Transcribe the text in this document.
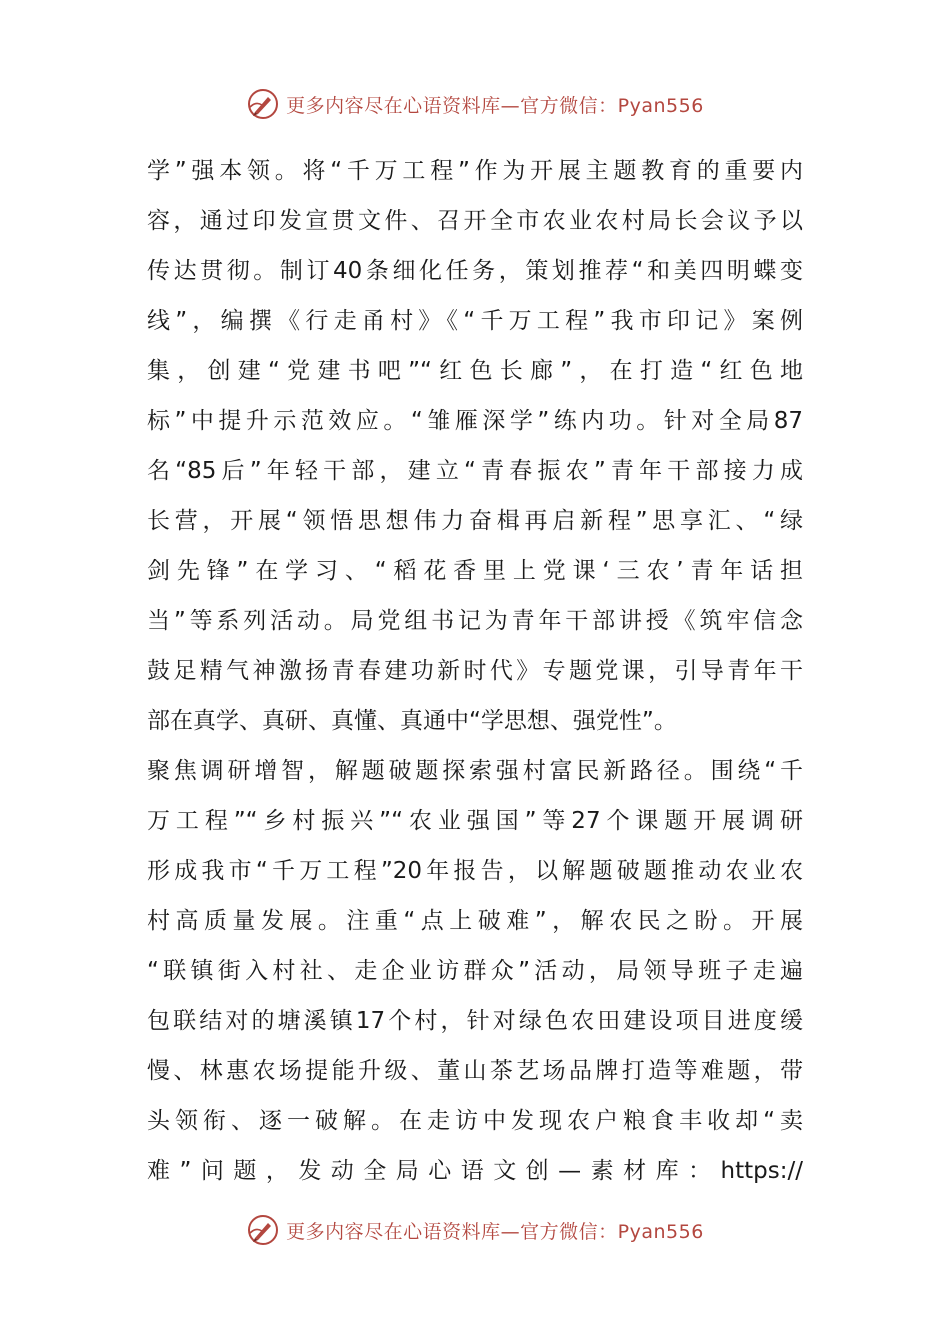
更多内容尽在心语资料库—官方微信：Pyan556
学”强本领。将“千万工程”作为开展主题教育的重要内
容，通过印发宣贯文件、召开全市农业农村局长会议予以
传达贯彻。制订40条细化任务，策划推荐“和美四明蝶变
线”，编撰《行走甬村》《“千万工程”我市印记》案例
集，创建“党建书吧”“红色长廊”，在打造“红色地
标”中提升示范效应。“雏雁深学”练内功。针对全局87
名“85后”年轻干部，建立“青春振农”青年干部接力成
长营，开展“领悟思想伟力奋楫再启新程”思享汇、“绿
剑先锋”在学习、“稻花香里上党课‘三农’青年话担
当”等系列活动。局党组书记为青年干部讲授《筑牢信念
鼓足精气神激扬青春建功新时代》专题党课，引导青年干
部在真学、真研、真懂、真通中“学思想、强党性”。
聚焦调研增智，解题破题探索强村富民新路径。围绕“千
万工程”“乡村振兴”“农业强国”等27个课题开展调研
形成我市“千万工程”20年报告，以解题破题推动农业农
村高质量发展。注重“点上破难”，解农民之盼。开展
“联镇街入村社、走企业访群众”活动，局领导班子走遍
包联结对的塘溪镇17个村，针对绿色农田建设项目进度缓
慢、林惠农场提能升级、董山茶艺场品牌打造等难题，带
头领衔、逐一破解。在走访中发现农户粮食丰收却“卖
难”问题，发动全局心语文创—素材库：https://
更多内容尽在心语资料库—官方微信：Pyan556
